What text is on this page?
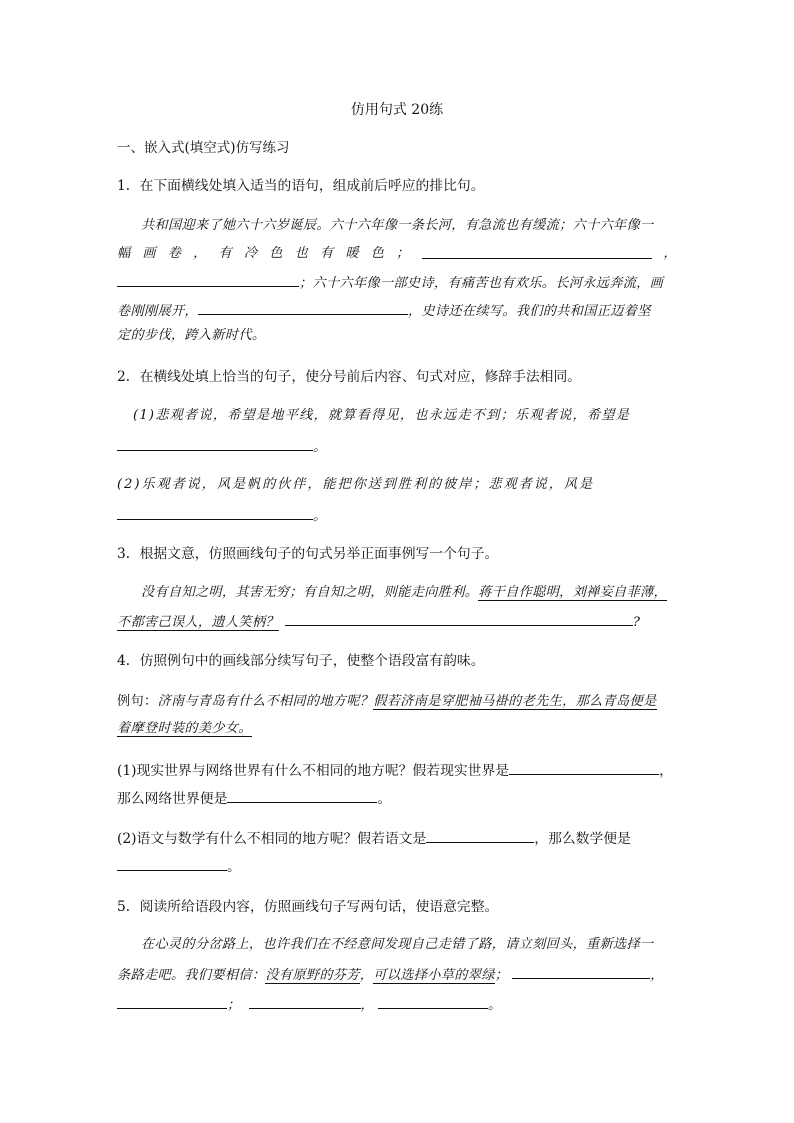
仿用句式 20练
一、嵌入式(填空式)仿写练习
1．在下面横线处填入适当的语句，组成前后呼应的排比句。
共和国迎来了她六十六岁诞辰。六十六年像一条长河，有急流也有缓流；六十六年像一
幅 画 卷 ， 有 冷 色 也 有 暖 色 ；	，
；六十六年像一部史诗，有痛苦也有欢乐。长河永远奔流，画
卷刚刚展开，	，史诗还在续写。我们的共和国正迈着坚
定的步伐，跨入新时代。
2．在横线处填上恰当的句子，使分号前后内容、句式对应，修辞手法相同。
(1)悲观者说，希望是地平线，就算看得见，也永远走不到；乐观者说，希望是
。
(2)乐观者说，风是帆的伙伴，能把你送到胜利的彼岸；悲观者说，风是
。
3．根据文意，仿照画线句子的句式另举正面事例写一个句子。
没有自知之明，其害无穷；有自知之明，则能走向胜利。蒋干自作聪明，刘禅妄自菲薄，
不都害己误人，遗人笑柄？	?
4．仿照例句中的画线部分续写句子，使整个语段富有韵味。
例句：济南与青岛有什么不相同的地方呢？假若济南是穿肥袖马褂的老先生，那么青岛便是
着摩登时装的美少女。
(1)现实世界与网络世界有什么不相同的地方呢？假若现实世界是	，
那么网络世界便是	。
(2)语文与数学有什么不相同的地方呢？假若语文是	，那么数学便是
。
5．阅读所给语段内容，仿照画线句子写两句话，使语意完整。
在心灵的分岔路上，也许我们在不经意间发现自己走错了路，请立刻回头，重新选择一
条路走吧。我们要相信：没有原野的芬芳，可以选择小草的翠绿；	，
；	，	。
